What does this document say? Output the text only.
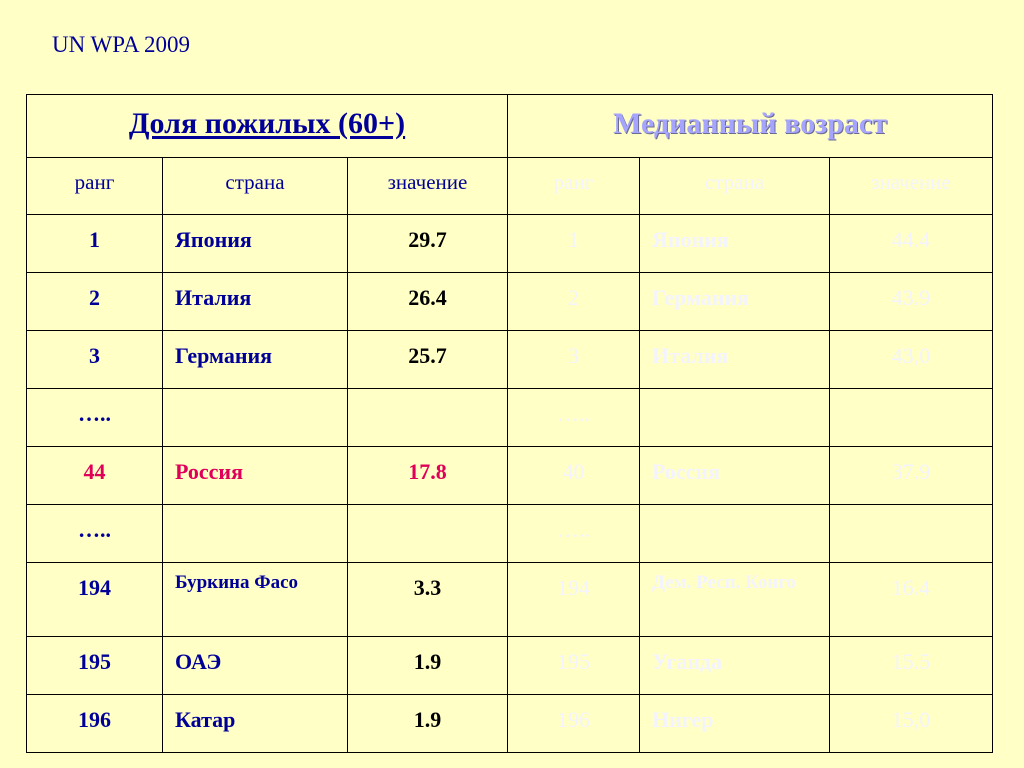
UN WPA 2009
Доля пожилых (60+)			Медианный возраст		
ранг	страна	значение	ранг	страна	значение
1	Япония	29.7	1	Япония	44.4
2	Италия	26.4	2	Германия	43.9
3	Германия	25.7	3	Италия	43,0
…..			…..		
44	Россия	17.8	40	Россия	37.9
…..			…..		
194	Буркина Фасо	3.3	194	Дем. Респ. Конго	16.4
195	ОАЭ	1.9	195	Уганда	15.5
196	Катар	1.9	196	Нигер	15,0
